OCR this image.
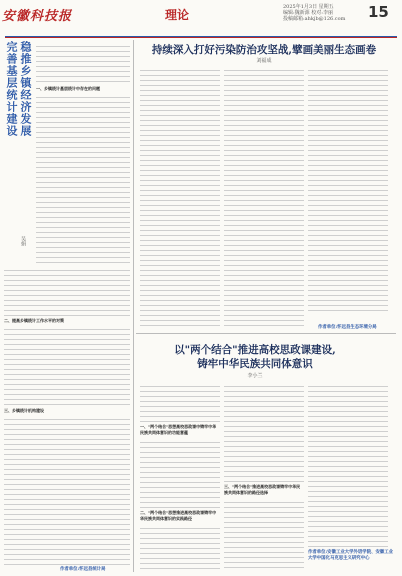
安徽科技报	理论
2025年1月3日 星期五
编辑:魏新源 校对:李丽
投稿邮箱:ahkjb@126.com 15
完善基层统计建设 稳推乡镇经济发展
吴娟
一、乡镇统计基层统计中存在的问题
二、提高乡镇统计工作水平的对策
三、乡镇统计机构建设
作者单位:怀远县统计局
持续深入打好污染防治攻坚战,擘画美丽生态画卷
刘福成
作者单位:怀远县生态环境分局
以"两个结合"推进高校思政课建设,
铸牢中华民族共同体意识
李小兰
一、"两个结合"思想高校思政课中铸牢中华民族共同体意识的功能意蕴
二、"两个结合"思想推进高校思政课铸牢中华民族共同体意识的实践路径
三、"两个结合"推进高校思政课铸牢中华民族共同体意识的路径选择
作者单位:安徽工业大学外语学院、安徽工业大学中国化马克思主义研究中心
